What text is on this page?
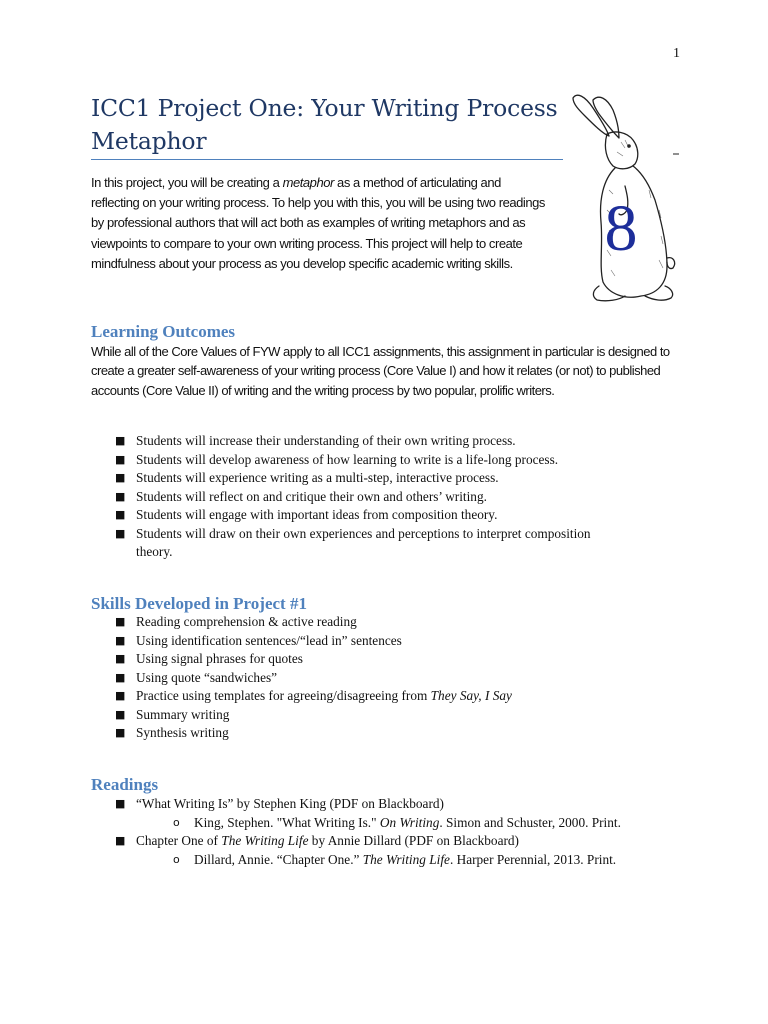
1
ICC1 Project One: Your Writing Process Metaphor

In this project, you will be creating a metaphor as a method of articulating and reflecting on your writing process. To help you with this, you will be using two readings by professional authors that will act both as examples of writing metaphors and as viewpoints to compare to your own writing process. This project will help to create mindfulness about your process as you develop specific academic writing skills.	8
Learning Outcomes

While all of the Core Values of FYW apply to all ICC1 assignments, this assignment in particular is designed to create a greater self-awareness of your writing process (Core Value I) and how it relates (or not) to published accounts (Core Value II) of writing and the writing process by two popular, prolific writers.

■ Students will increase their understanding of their own writing process.
■ Students will develop awareness of how learning to write is a life-long process.
■ Students will experience writing as a multi-step, interactive process.
■ Students will reflect on and critique their own and others’ writing.
■ Students will engage with important ideas from composition theory.
■ Students will draw on their own experiences and perceptions to interpret composition theory.
Skills Developed in Project #1
■ Reading comprehension & active reading
■ Using identification sentences/“lead in” sentences
■ Using signal phrases for quotes
■ Using quote “sandwiches”
■ Practice using templates for agreeing/disagreeing from They Say, I Say
■ Summary writing
■ Synthesis writing
Readings
■ “What Writing Is” by Stephen King (PDF on Blackboard)
o King, Stephen. "What Writing Is." On Writing. Simon and Schuster, 2000. Print.
■ Chapter One of The Writing Life by Annie Dillard (PDF on Blackboard)
o Dillard, Annie. “Chapter One.” The Writing Life. Harper Perennial, 2013. Print.
